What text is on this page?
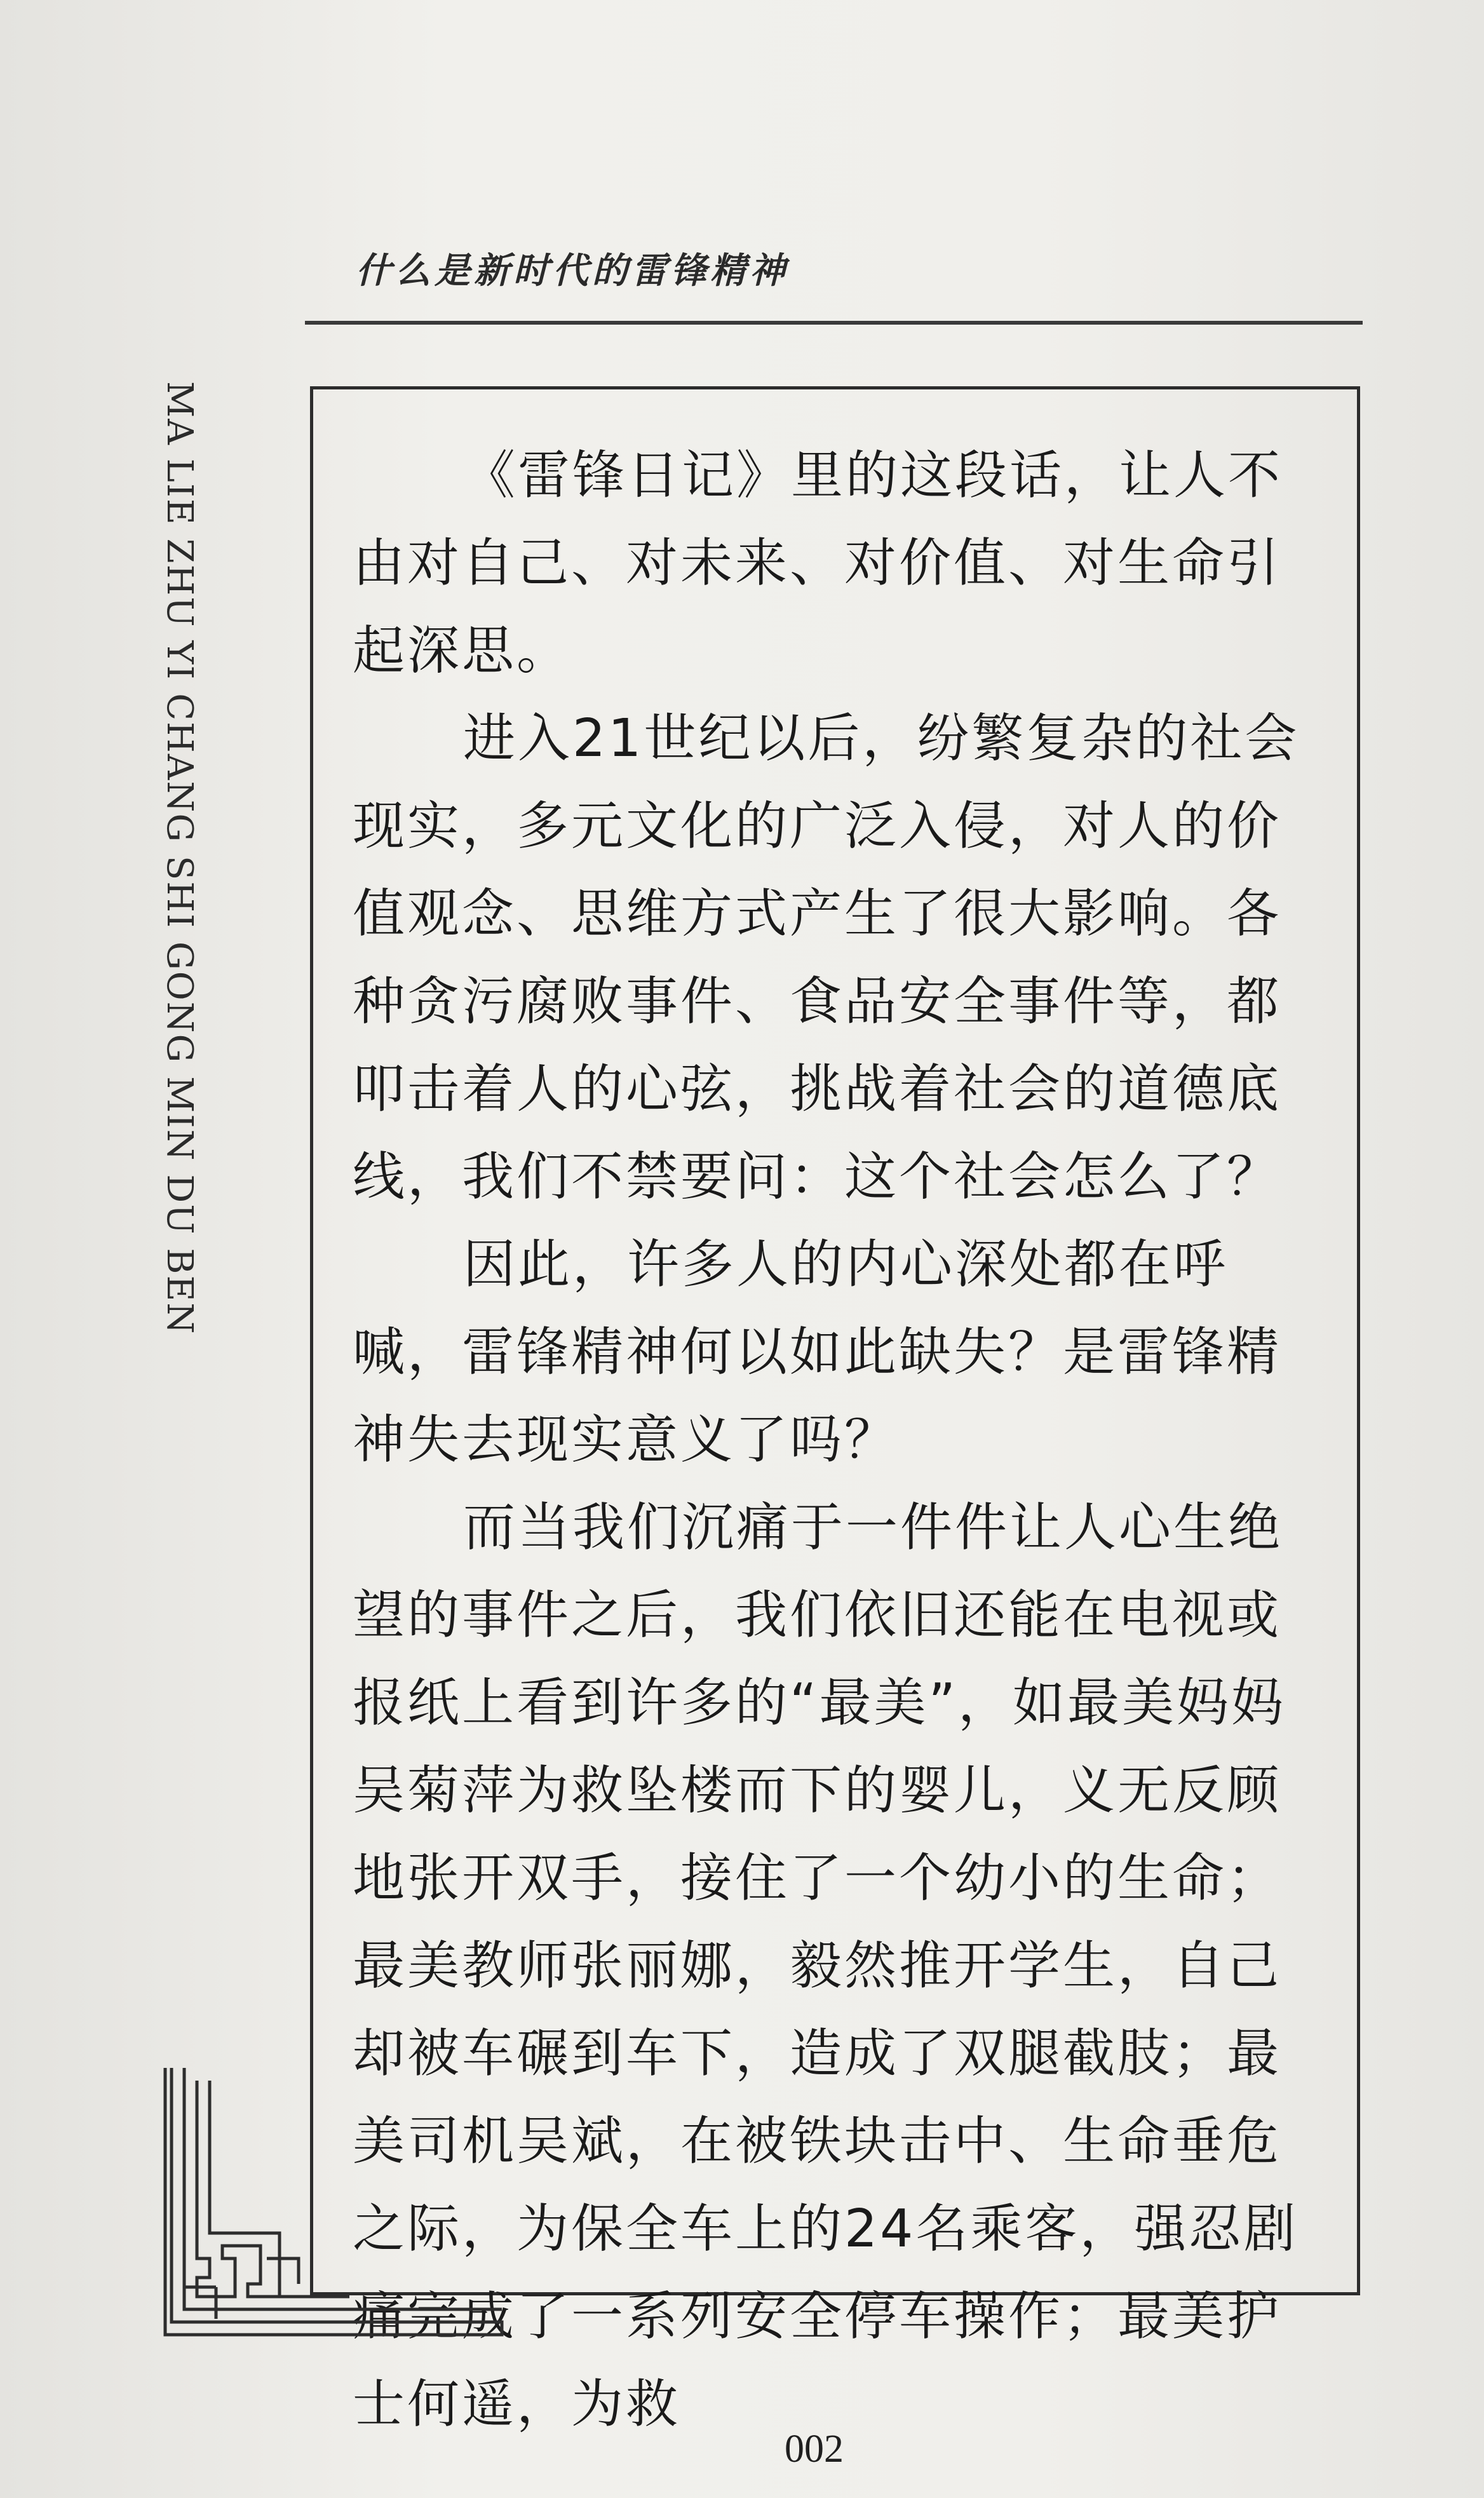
什么是新时代的雷锋精神
MA LIE ZHU YI CHANG SHI GONG MIN DU BEN	《雷锋日记》里的这段话，让人不由对自己、对未来、对价值、对生命引起深思。

进入21世纪以后，纷繁复杂的社会现实，多元文化的广泛入侵，对人的价值观念、思维方式产生了很大影响。各种贪污腐败事件、食品安全事件等，都叩击着人的心弦，挑战着社会的道德底线，我们不禁要问：这个社会怎么了？

因此，许多人的内心深处都在呼喊，雷锋精神何以如此缺失？是雷锋精神失去现实意义了吗？

而当我们沉痛于一件件让人心生绝望的事件之后，我们依旧还能在电视或报纸上看到许多的“最美”，如最美妈妈吴菊萍为救坠楼而下的婴儿，义无反顾地张开双手，接住了一个幼小的生命；最美教师张丽娜，毅然推开学生，自己却被车碾到车下，造成了双腿截肢；最美司机吴斌，在被铁块击中、生命垂危之际，为保全车上的24名乘客，强忍剧痛完成了一系列安全停车操作；最美护士何遥，为救

002
